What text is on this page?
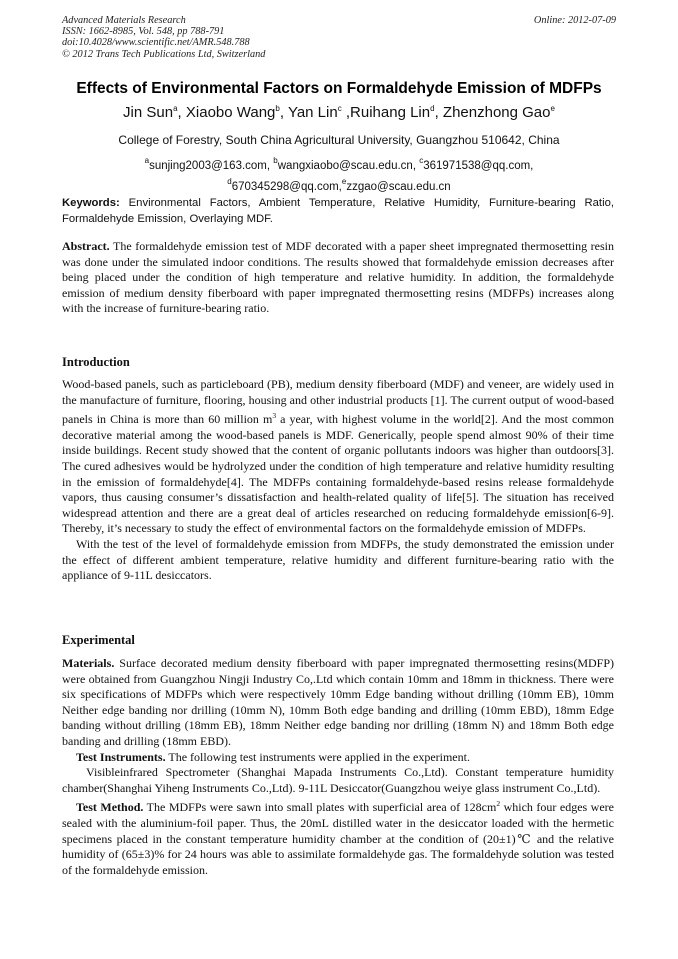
Advanced Materials Research
ISSN: 1662-8985, Vol. 548, pp 788-791
doi:10.4028/www.scientific.net/AMR.548.788
© 2012 Trans Tech Publications Ltd, Switzerland
Online: 2012-07-09
Effects of Environmental Factors on Formaldehyde Emission of MDFPs
Jin Sun$^a$, Xiaobo Wang$^b$, Yan Lin$^c$ ,Ruihang Lin$^d$, Zhenzhong Gao$^e$
College of Forestry, South China Agricultural University, Guangzhou 510642, China
$^a$sunjing2003@163.com, $^b$wangxiaobo@scau.edu.cn, $^c$361971538@qq.com,
$^d$670345298@qq.com,$^e$zzgao@scau.edu.cn
Keywords: Environmental Factors, Ambient Temperature, Relative Humidity, Furniture-bearing Ratio, Formaldehyde Emission, Overlaying MDF.
Abstract. The formaldehyde emission test of MDF decorated with a paper sheet impregnated thermosetting resin was done under the simulated indoor conditions. The results showed that formaldehyde emission decreases after being placed under the condition of high temperature and relative humidity. In addition, the formaldehyde emission of medium density fiberboard with paper impregnated thermosetting resins (MDFPs) increases along with the increase of furniture-bearing ratio.
Introduction

Wood-based panels, such as particleboard (PB), medium density fiberboard (MDF) and veneer, are widely used in the manufacture of furniture, flooring, housing and other industrial products [1]. The current output of wood-based panels in China is more than 60 million $m^3$ a year, with highest volume in the world[2]. And the most common decorative material among the wood-based panels is MDF. Generically, people spend almost 90% of their time inside buildings. Recent study showed that the content of organic pollutants indoors was higher than outdoors[3]. The cured adhesives would be hydrolyzed under the condition of high temperature and relative humidity resulting in the emission of formaldehyde[4]. The MDFPs containing formaldehyde-based resins release formaldehyde vapors, thus causing consumer’s dissatisfaction and health-related quality of life[5]. The situation has received widespread attention and there are a great deal of articles researched on reducing formaldehyde emission[6-9]. Thereby, it’s necessary to study the effect of environmental factors on the formaldehyde emission of MDFPs.

With the test of the level of formaldehyde emission from MDFPs, the study demonstrated the emission under the effect of different ambient temperature, relative humidity and different furniture-bearing ratio with the appliance of 9-11L desiccators.

Experimental

Materials. Surface decorated medium density fiberboard with paper impregnated thermosetting resins(MDFP) were obtained from Guangzhou Ningji Industry Co,.Ltd which contain 10mm and 18mm in thickness. There were six specifications of MDFPs which were respectively 10mm Edge banding without drilling (10mm EB), 10mm Neither edge banding nor drilling (10mm N), 10mm Both edge banding and drilling (10mm EBD), 18mm Edge banding without drilling (18mm EB), 18mm Neither edge banding nor drilling (18mm N) and 18mm Both edge banding and drilling (18mm EBD).

Test Instruments. The following test instruments were applied in the experiment.

Visibleinfrared Spectrometer (Shanghai Mapada Instruments Co.,Ltd). Constant temperature humidity chamber(Shanghai Yiheng Instruments Co.,Ltd). 9-11L Desiccator(Guangzhou weiye glass instrument Co.,Ltd).

Test Method. The MDFPs were sawn into small plates with superficial area of $128cm^2$ which four edges were sealed with the aluminium-foil paper. Thus, the 20mL distilled water in the desiccator loaded with the hermetic specimens placed in the constant temperature humidity chamber at the condition of (20±1)℃ and the relative humidity of (65±3)% for 24 hours was able to assimilate formaldehyde gas. The formaldehyde solution was tested of the formaldehyde emission.
